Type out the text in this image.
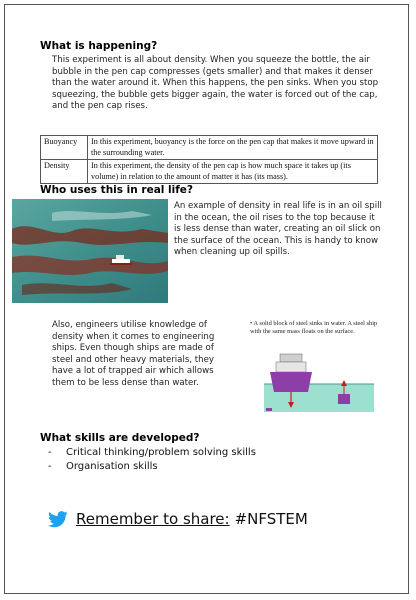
What is happening?
This experiment is all about density. When you squeeze the bottle, the air bubble in the pen cap compresses (gets smaller) and that makes it denser than the water around it. When this happens, the pen sinks. When you stop squeezing, the bubble gets bigger again, the water is forced out of the cap, and the pen cap rises.
Buoyancy	In this experiment, buoyancy is the force on the pen cap that makes it move upward in the surrounding water.
Density	In this experiment, the density of the pen cap is how much space it takes up (its volume) in relation to the amount of matter it has (its mass).
Who uses this in real life?
An example of density in real life is in an oil spill in the ocean, the oil rises to the top because it is less dense than water, creating an oil slick on the surface of the ocean. This is handy to know when cleaning up oil spills.
Also, engineers utilise knowledge of density when it comes to engineering ships. Even though ships are made of steel and other heavy materials, they have a lot of trapped air which allows them to be less dense than water.
• A solid block of steel sinks in water. A steel ship with the same mass floats on the surface.
What skills are developed?
- Critical thinking/problem solving skills
- Organisation skills
Remember to share: #NFSTEM
